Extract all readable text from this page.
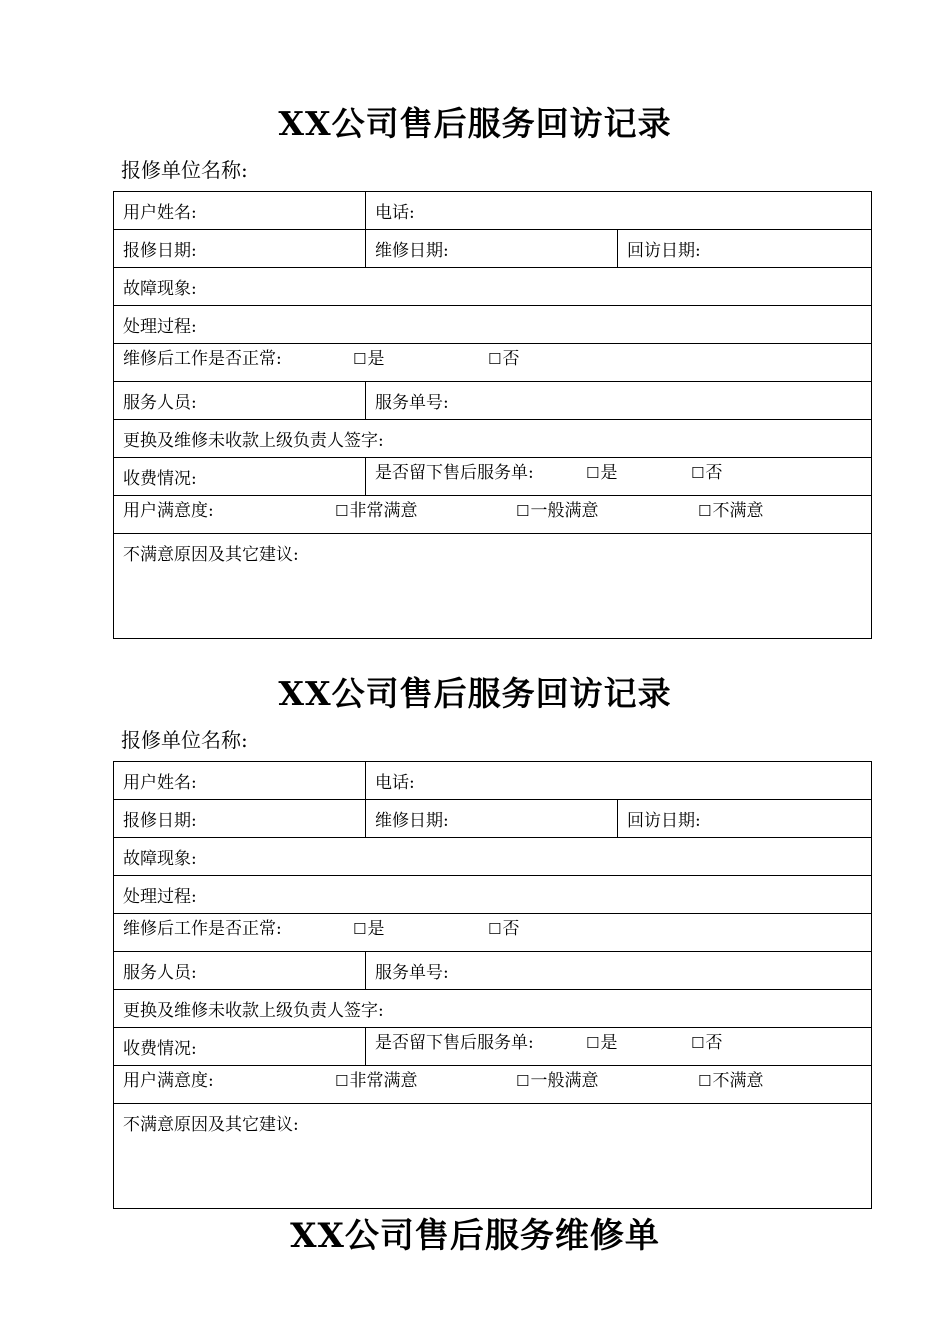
XX公司售后服务回访记录
报修单位名称:
用户姓名:	电话:	
报修日期:	维修日期:	回访日期:
故障现象:		
处理过程:		

维修后工作是否正常: ☐是 ☐否		

服务人员:	服务单号:	
更换及维修未收款上级负责人签字:		
收费情况:	是否留下售后服务单: ☐是 ☐否	

用户满意度: ☐非常满意 ☐一般满意 ☐不满意		

不满意原因及其它建议:		
XX公司售后服务回访记录
报修单位名称:
用户姓名:	电话:	
报修日期:	维修日期:	回访日期:
故障现象:		
处理过程:		

维修后工作是否正常: ☐是 ☐否		

服务人员:	服务单号:	
更换及维修未收款上级负责人签字:		
收费情况:	是否留下售后服务单: ☐是 ☐否	

用户满意度: ☐非常满意 ☐一般满意 ☐不满意		

不满意原因及其它建议:		
XX公司售后服务维修单
